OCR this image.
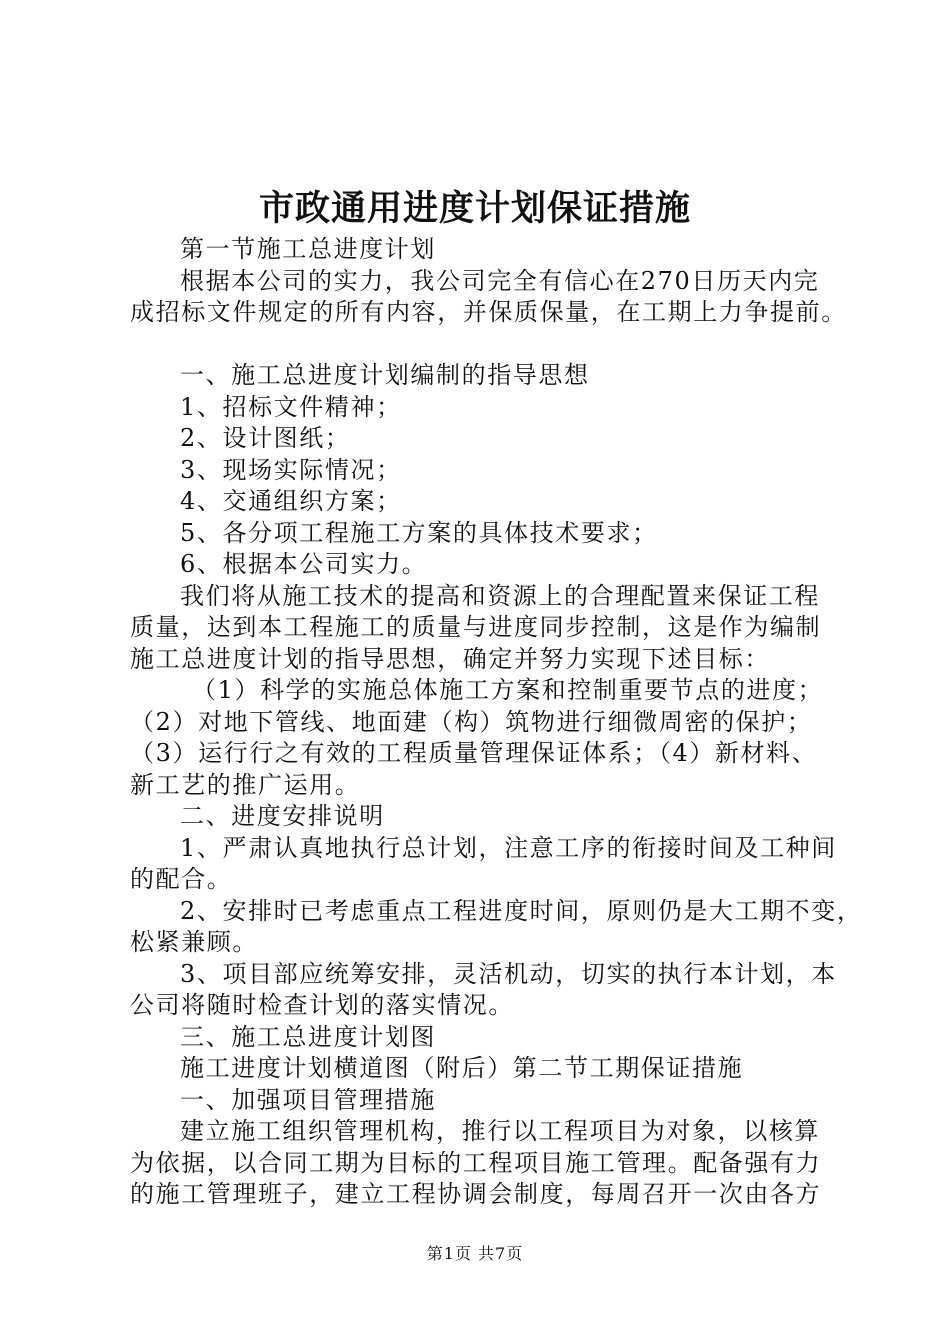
市政通用进度计划保证措施

第一节施工总进度计划

根据本公司的实力，我公司完全有信心在270日历天内完

成招标文件规定的所有内容，并保质保量，在工期上力争提前。

一、施工总进度计划编制的指导思想

1、招标文件精神；

2、设计图纸；

3、现场实际情况；

4、交通组织方案；

5、各分项工程施工方案的具体技术要求；

6、根据本公司实力。

我们将从施工技术的提高和资源上的合理配置来保证工程

质量，达到本工程施工的质量与进度同步控制，这是作为编制

施工总进度计划的指导思想，确定并努力实现下述目标：

（1）科学的实施总体施工方案和控制重要节点的进度；

（2）对地下管线、地面建（构）筑物进行细微周密的保护；

（3）运行行之有效的工程质量管理保证体系；（4）新材料、

新工艺的推广运用。

二、进度安排说明

1、严肃认真地执行总计划，注意工序的衔接时间及工种间

的配合。

2、安排时已考虑重点工程进度时间，原则仍是大工期不变，

松紧兼顾。

3、项目部应统筹安排，灵活机动，切实的执行本计划，本

公司将随时检查计划的落实情况。

三、施工总进度计划图

施工进度计划横道图（附后）第二节工期保证措施

一、加强项目管理措施

建立施工组织管理机构，推行以工程项目为对象，以核算

为依据，以合同工期为目标的工程项目施工管理。配备强有力

的施工管理班子，建立工程协调会制度，每周召开一次由各方

第1页 共7页
